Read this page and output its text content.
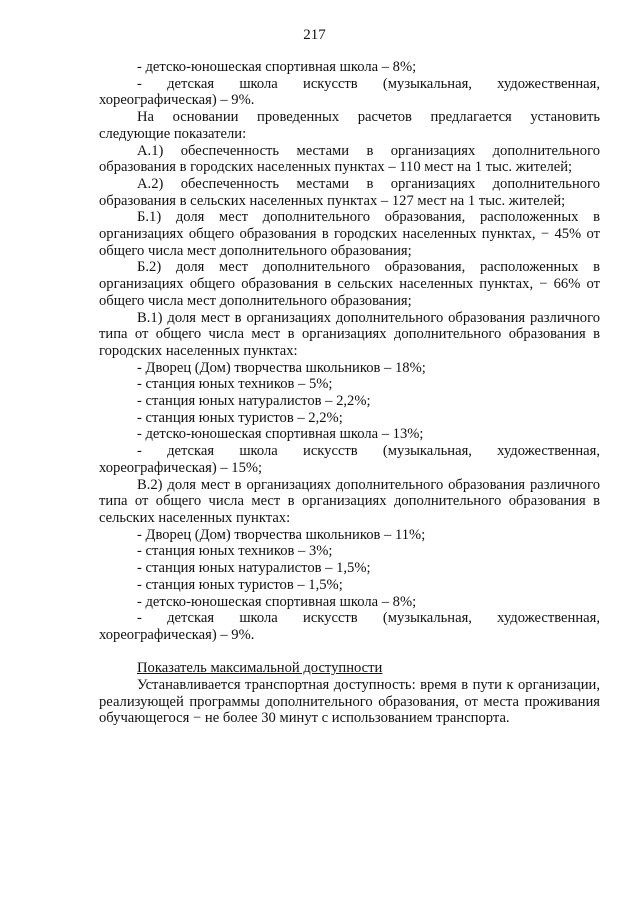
217

- детско-юношеская спортивная школа – 8%;

- детская школа искусств (музыкальная, художественная, хореографическая) – 9%.

На основании проведенных расчетов предлагается установить следующие показатели:

А.1) обеспеченность местами в организациях дополнительного образования в городских населенных пунктах – 110 мест на 1 тыс. жителей;

А.2) обеспеченность местами в организациях дополнительного образования в сельских населенных пунктах – 127 мест на 1 тыс. жителей;

Б.1) доля мест дополнительного образования, расположенных в организациях общего образования в городских населенных пунктах, − 45% от общего числа мест дополнительного образования;

Б.2) доля мест дополнительного образования, расположенных в организациях общего образования в сельских населенных пунктах, − 66% от общего числа мест дополнительного образования;

В.1) доля мест в организациях дополнительного образования различного типа от общего числа мест в организациях дополнительного образования в городских населенных пунктах:

- Дворец (Дом) творчества школьников – 18%;

- станция юных техников – 5%;

- станция юных натуралистов – 2,2%;

- станция юных туристов – 2,2%;

- детско-юношеская спортивная школа – 13%;

- детская школа искусств (музыкальная, художественная, хореографическая) – 15%;

В.2) доля мест в организациях дополнительного образования различного типа от общего числа мест в организациях дополнительного образования в сельских населенных пунктах:

- Дворец (Дом) творчества школьников – 11%;

- станция юных техников – 3%;

- станция юных натуралистов – 1,5%;

- станция юных туристов – 1,5%;

- детско-юношеская спортивная школа – 8%;

- детская школа искусств (музыкальная, художественная, хореографическая) – 9%.

Показатель максимальной доступности

Устанавливается транспортная доступность: время в пути к организации, реализующей программы дополнительного образования, от места проживания обучающегося − не более 30 минут с использованием транспорта.
